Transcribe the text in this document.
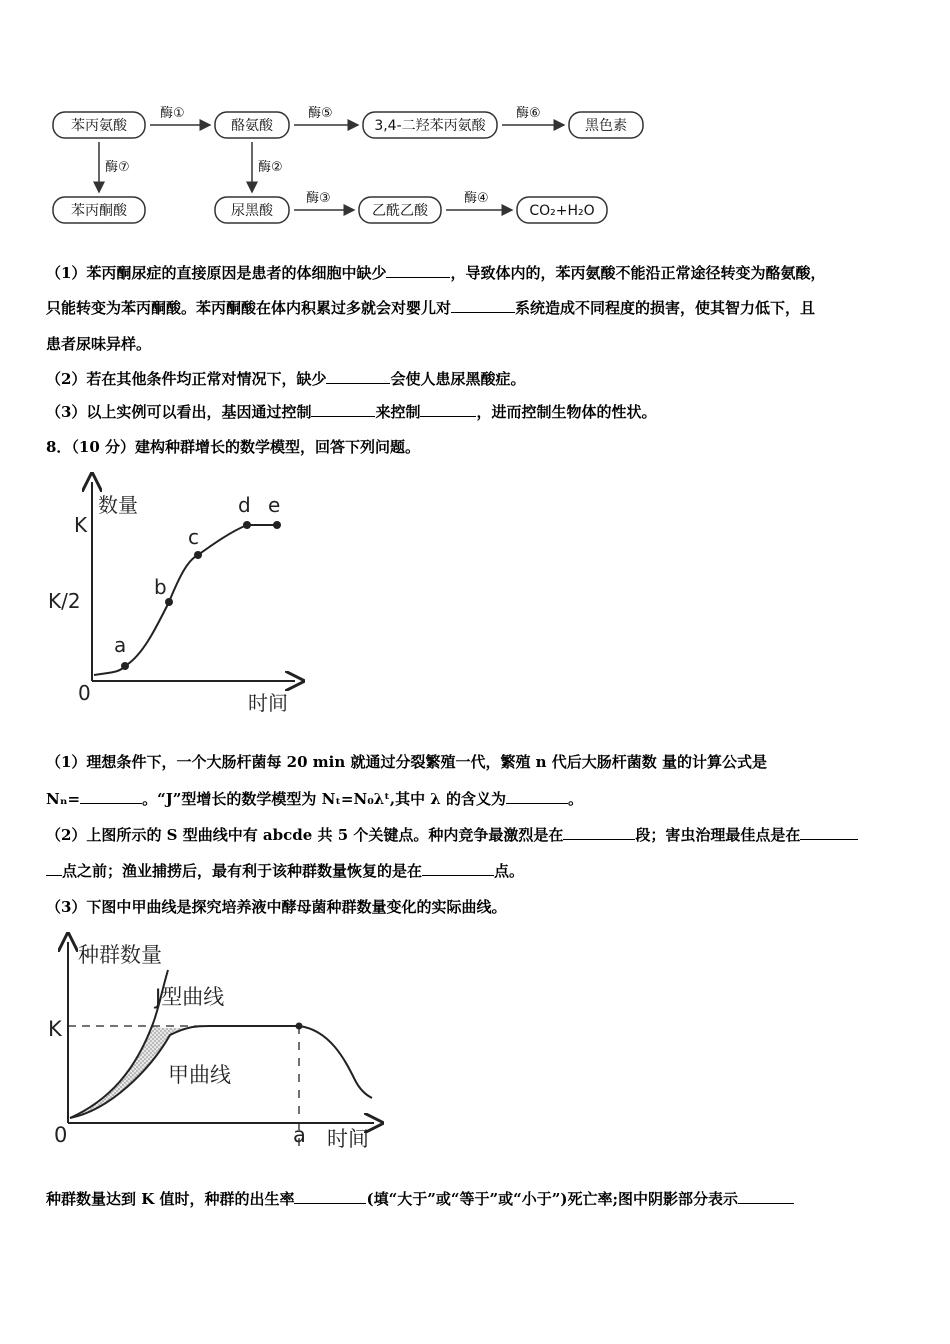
苯丙氨酸	酪氨酸	3,4-二羟苯丙氨酸	黑色素
苯丙酮酸	尿黑酸	乙酰乙酸	CO₂+H₂O
酶①	酶⑤	酶⑥
酶⑦	酶②
酶③	酶④
（1）苯丙酮尿症的直接原因是患者的体细胞中缺少	，导致体内的，苯丙氨酸不能沿正常途径转变为酪氨酸，
只能转变为苯丙酮酸。苯丙酮酸在体内积累过多就会对婴儿对	系统造成不同程度的损害，使其智力低下，且
患者尿味异样。
（2）若在其他条件均正常对情况下，缺少	会使人患尿黑酸症。
（3）以上实例可以看出，基因通过控制	来控制	，进而控制生物体的性状。
8．（10 分）建构种群增长的数学模型，回答下列问题。
数量
时间
K
K/2
0
a
b
c
d e
（1）理想条件下，一个大肠杆菌每 20 min 就通过分裂繁殖一代，繁殖 n 代后大肠杆菌数 量的计算公式是
Nₙ=	。“J”型增长的数学模型为 Nₜ=N₀λᵗ,其中 λ 的含义为	。
（2）上图所示的 S 型曲线中有 abcde 共 5 个关键点。种内竞争最激烈是在	段；害虫治理最佳点是在
点之前；渔业捕捞后，最有利于该种群数量恢复的是在	点。
（3）下图中甲曲线是探究培养液中酵母菌种群数量变化的实际曲线。
种群数量
时间
K
0	a
J型曲线
甲曲线
种群数量达到 K 值时，种群的出生率	(填“大于”或“等于”或“小于”)死亡率;图中阴影部分表示
